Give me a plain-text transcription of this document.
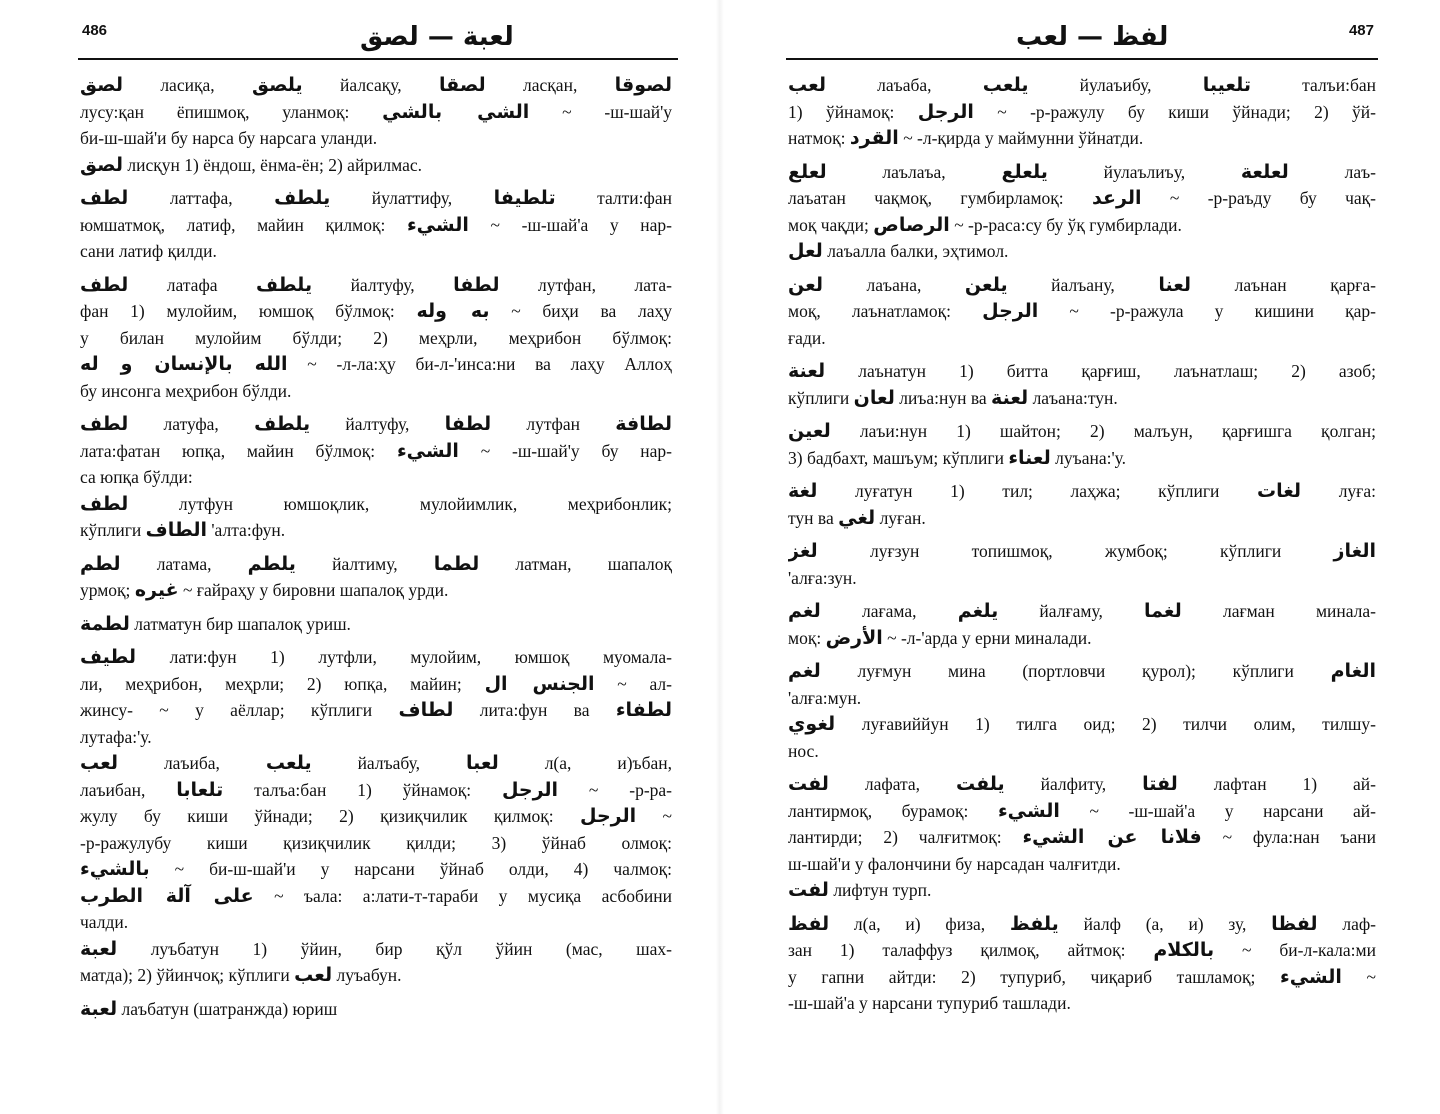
486	لعبة — لصق
لصق ласиқа, يلصق йалсақу, لصقا ласқан, لصوقا
лусу:қан ёпишмоқ, уланмоқ: الشي بالشي ~ -ш-шай'у
би-ш-шай'и бу нарса бу нарсага уланди.
لصق лисқун 1) ёндош, ёнма-ён; 2) айрилмас.
لطف латтафа, يلطف йулаттифу, تلطيفا талти:фан
юмшатмоқ, латиф, майин қилмоқ: الشيء ~ -ш-шай'а у нар-
сани латиф қилди.
لطف латафа يلطف йалтуфу, لطفا лутфан, лата-
фан 1) мулойим, юмшоқ бўлмоқ: به وله ~ биҳи ва лаҳу
у билан мулойим бўлди; 2) меҳрли, меҳрибон бўлмоқ:
الله بالإنسان و له ~ -л-ла:ҳу би-л-'инса:ни ва лаҳу Аллоҳ
бу инсонга меҳрибон бўлди.
لطف латуфа, يلطف йалтуфу, لطفا лутфан لطافة
лата:фатан юпқа, майин бўлмоқ: الشيء ~ -ш-шай'у бу нар-
са юпқа бўлди:
لطف лутфун юмшоқлик, мулойимлик, меҳрибонлик;
кўплиги الطاف 'алта:фун.
لطم латама, يلطم йалтиму, لطما латман, шапалоқ
урмоқ; غيره ~ ғайраҳу у бировни шапалоқ урди.
لطمة латматун бир шапалоқ уриш.
لطيف лати:фун 1) лутфли, мулойим, юмшоқ муомала-
ли, меҳрибон, меҳрли; 2) юпқа, майин; الجنس ال ~ ал-
жинсу- ~ у аёллар; кўплиги لطاف лита:фун ва لطفاء
лутафа:'у.
لعب лаъиба, يلعب йалъабу, لعبا л(а, и)ъбан,
лаъибан, تلعابا талъа:бан 1) ўйнамоқ: الرجل ~ -р-ра-
жулу бу киши ўйнади; 2) қизиқчилик қилмоқ: الرجل ~
-р-ражулубу киши қизиқчилик қилди; 3) ўйнаб олмоқ:
بالشيء ~ би-ш-шай'и у нарсани ўйнаб олди, 4) чалмоқ:
على آلة الطرب ~ ъала: а:лати-т-тараби у мусиқа асбобини
чалди.
لعبة луъбатун 1) ўйин, бир қўл ўйин (мас, шах-
матда); 2) ўйинчоқ; кўплиги لعب луъабун.
لعبة лаъбатун (шатранжда) юриш
لفظ — لعب	487
لعب лаъаба, يلعب йулаъибу, تلعيبا талъи:бан
1) ўйнамоқ: الرجل ~ -р-ражулу бу киши ўйнади; 2) ўй-
натмоқ: القرد ~ -л-қирда у маймунни ўйнатди.
لعلع лаълаъа, يلعلع йулаълиъу, لعلعة лаъ-
лаъатан чақмоқ, гумбирламоқ: الرعد ~ -р-раъду бу чақ-
моқ чақди; الرصاص ~ -р-раса:су бу ўқ гумбирлади.
لعل лаъалла балки, эҳтимол.
لعن лаъана, يلعن йалъану, لعنا лаънан қарға-
моқ, лаънатламоқ: الرجل ~ -р-ражула у кишини қар-
ғади.
لعنة лаънатун 1) битта қарғиш, лаънатлаш; 2) азоб;
кўплиги لعان лиъа:нун ва لعنة лаъана:тун.
لعين лаъи:нун 1) шайтон; 2) малъун, қарғишга қолган;
3) бадбахт, машъум; кўплиги لعناء луъана:'у.
لغة луғатун 1) тил; лаҳжа; кўплиги لغات луға:
тун ва لغي луған.
لغز луғзун топишмоқ, жумбоқ; кўплиги الغاز
'алға:зун.
لغم лағама, يلغم йалғаму, لغما лағман минала-
моқ: الأرض ~ -л-'арда у ерни миналади.
لغم луғмун мина (портловчи қурол); кўплиги الغام
'алға:мун.
لغوي луғавиййун 1) тилга оид; 2) тилчи олим, тилшу-
нос.
لفت лафата, يلفت йалфиту, لفتا лафтан 1) ай-
лантирмоқ, бурамоқ: الشيء ~ -ш-шай'а у нарсани ай-
лантирди; 2) чалғитмоқ: فلانا عن الشيء ~ фула:нан ъани
ш-шай'и у фалончини бу нарсадан чалғитди.
لفت лифтун турп.
لفظ л(а, и) физа, يلفظ йалф (а, и) зу, لفظا лаф-
зан 1) талаффуз қилмоқ, айтмоқ: بالكلام ~ би-л-кала:ми
у гапни айтди: 2) тупуриб, чиқариб ташламоқ; الشيء ~
-ш-шай'а у нарсани тупуриб ташлади.
